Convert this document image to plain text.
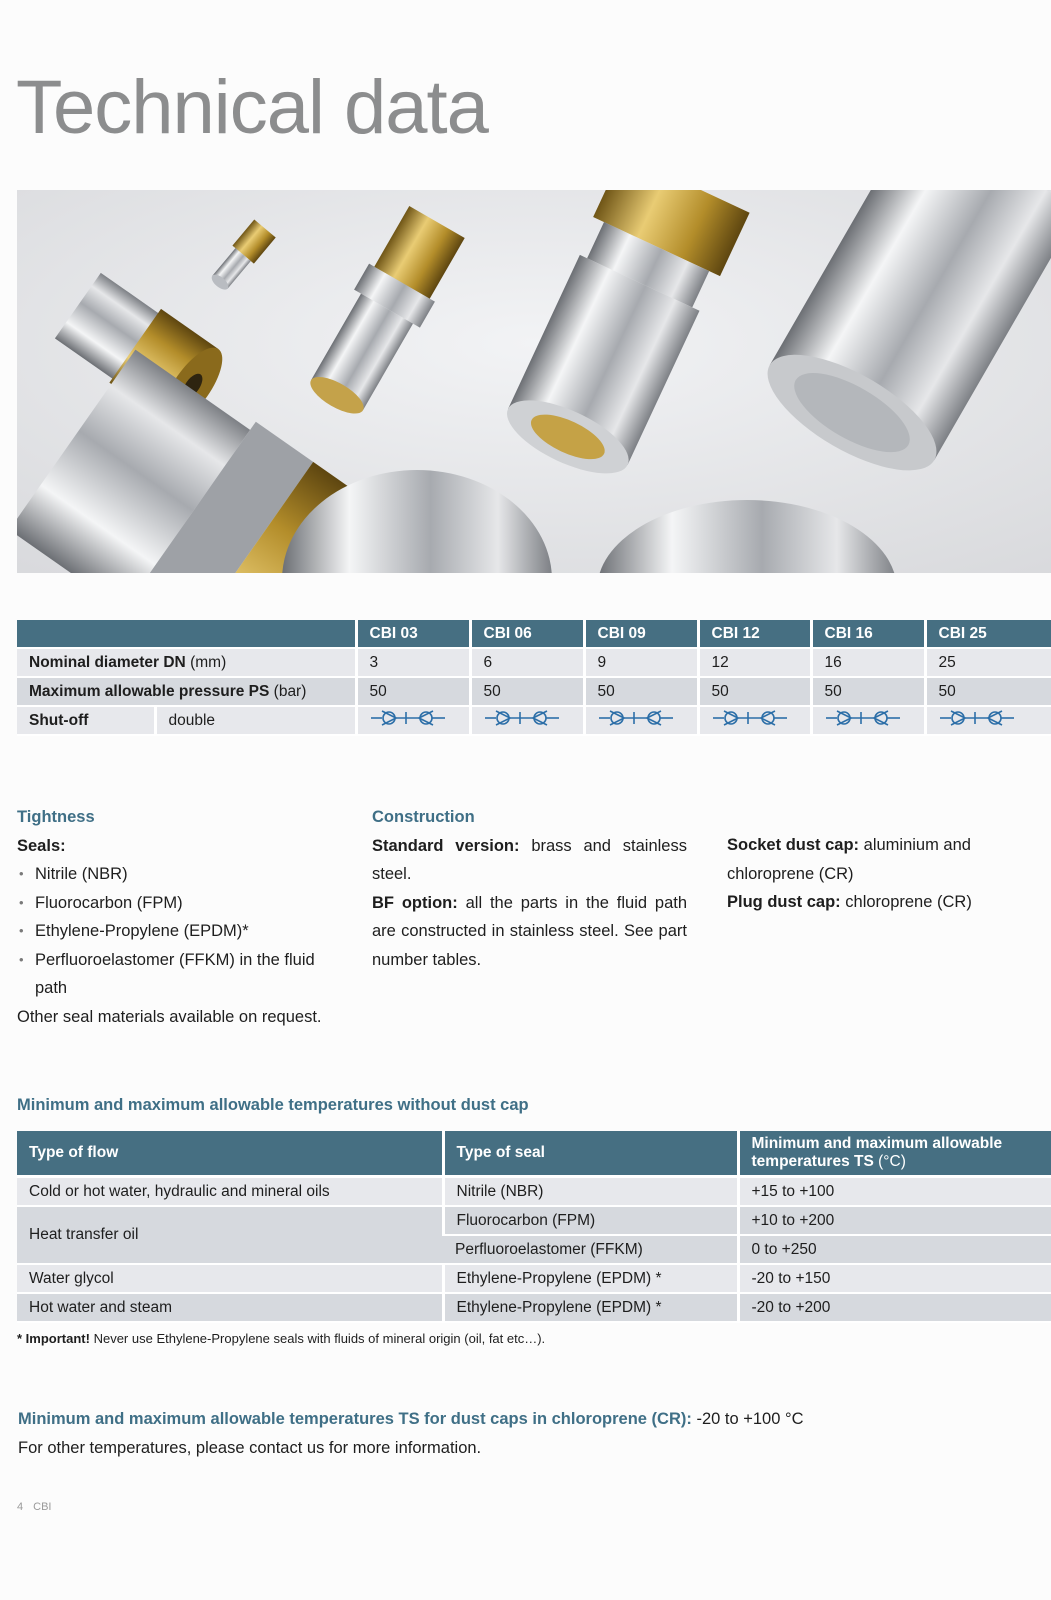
Technical data
		CBI 03	CBI 06	CBI 09	CBI 12	CBI 16	CBI 25
Nominal diameter DN (mm)		3	6	9	12	16	25
Maximum allowable pressure PS (bar)		50	50	50	50	50	50
Shut-off	double						
Tightness

Seals:

• Nitrile (NBR)
• Fluorocarbon (FPM)
• Ethylene-Propylene (EPDM)*
• Perfluoroelastomer (FFKM) in the fluid path

Other seal materials available on request.

Construction

Standard version: brass and stainless steel.

BF option: all the parts in the fluid path are constructed in stainless steel. See part number tables.

Socket dust cap: aluminium and chloroprene (CR)

Plug dust cap: chloroprene (CR)

Minimum and maximum allowable temperatures without dust cap
Type of flow	Type of seal	Minimum and maximum allowable temperatures TS (°C)
Cold or hot water, hydraulic and mineral oils	Nitrile (NBR)	+15 to +100
Heat transfer oil	Fluorocarbon (FPM)	+10 to +200
	Perfluoroelastomer (FFKM)	0 to +250
Water glycol	Ethylene-Propylene (EPDM) *	-20 to +150
Hot water and steam	Ethylene-Propylene (EPDM) *	-20 to +200

* Important! Never use Ethylene-Propylene seals with fluids of mineral origin (oil, fat etc…).

Minimum and maximum allowable temperatures TS for dust caps in chloroprene (CR): -20 to +100 °C
For other temperatures, please contact us for more information.

4 CBI
